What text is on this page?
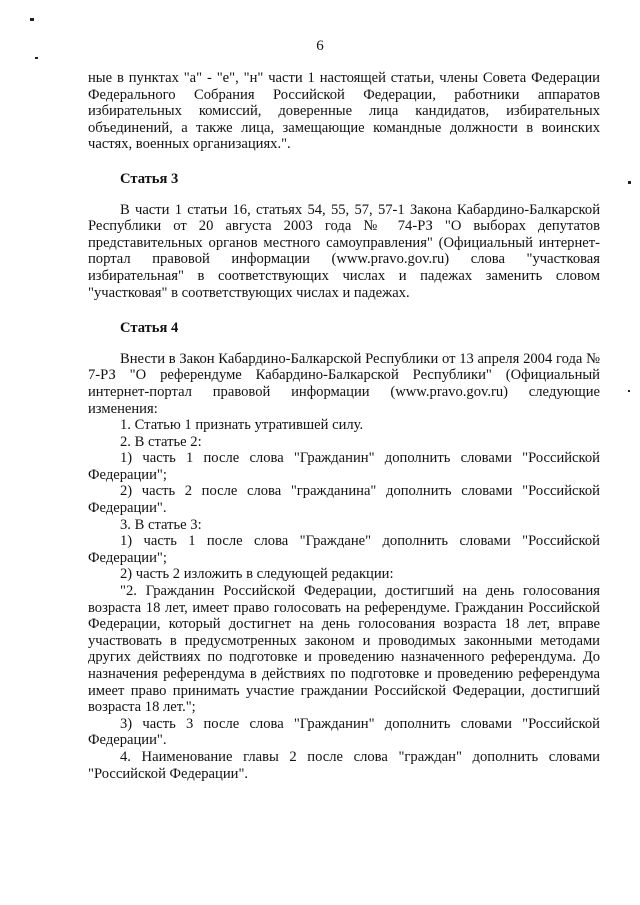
6

ные в пунктах "а" - "е", "н" части 1 настоящей статьи, члены Совета Федерации Федерального Собрания Российской Федерации, работники аппаратов избирательных комиссий, доверенные лица кандидатов, избирательных объединений, а также лица, замещающие командные должности в воинских частях, военных организациях.".

Статья 3

В части 1 статьи 16, статьях 54, 55, 57, 57-1 Закона Кабардино-Балкарской Республики от 20 августа 2003 года № 74-РЗ "О выборах депутатов представительных органов местного самоуправления" (Официальный интернет-портал правовой информации (www.pravo.gov.ru) слова "участковая избирательная" в соответствующих числах и падежах заменить словом "участковая" в соответствующих числах и падежах.

Статья 4

Внести в Закон Кабардино-Балкарской Республики от 13 апреля 2004 года № 7-РЗ "О референдуме Кабардино-Балкарской Республики" (Официальный интернет-портал правовой информации (www.pravo.gov.ru) следующие изменения:

1. Статью 1 признать утратившей силу.

2. В статье 2:

1) часть 1 после слова "Гражданин" дополнить словами "Российской Федерации";

2) часть 2 после слова "гражданина" дополнить словами "Российской Федерации".

3. В статье 3:

1) часть 1 после слова "Граждане" дополнить словами "Российской Федерации";

2) часть 2 изложить в следующей редакции:

"2. Гражданин Российской Федерации, достигший на день голосования возраста 18 лет, имеет право голосовать на референдуме. Гражданин Российской Федерации, который достигнет на день голосования возраста 18 лет, вправе участвовать в предусмотренных законом и проводимых законными методами других действиях по подготовке и проведению назначенного референдума. До назначения референдума в действиях по подготовке и проведению референдума имеет право принимать участие граждании Российской Федерации, достигший возраста 18 лет.";

3) часть 3 после слова "Гражданин" дополнить словами "Российской Федерации".

4. Наименование главы 2 после слова "граждан" дополнить словами "Российской Федерации".
